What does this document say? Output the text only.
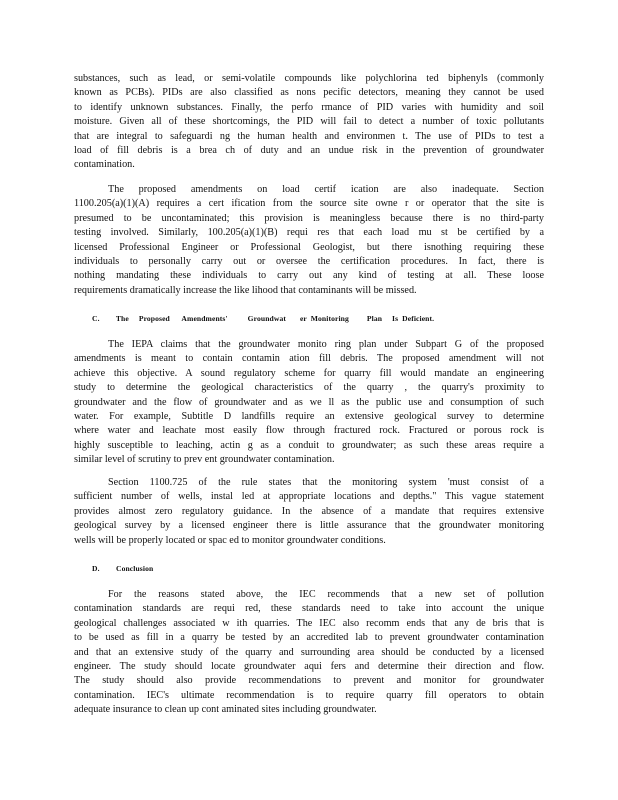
substances, such as lead, or semi-volatile compounds like polychlorina ted biphenyls (commonly
known as PCBs). PIDs are also classified as nons pecific detectors, meaning they cannot be used
to identify unknown substances. Finally, the perfo rmance of PID varies with humidity and soil
moisture. Given all of these shortcomings, the PID will fail to detect a number of toxic pollutants
that are integral to safeguardi ng the human health and environmen t. The use of PIDs to test a
load of fill debris is a brea ch of duty and an undue risk in the prevention of groundwater
contamination.
The proposed amendments on load certif ication are also inadequate. Section
1100.205(a)(1)(A) requires a cert ification from the source site owne r or operator that the site is
presumed to be uncontaminated; this provision is meaningless because there is no third-party
testing involved. Similarly, 100.205(a)(1)(B) requi res that each load mu st be certified by a
licensed Professional Engineer or Professional Geologist, but there isnothing requiring these
individuals to personally carry out or oversee the certification procedures. In fact, there is
nothing mandating these individuals to carry out any kind of testing at all. These loose
requirements dramatically increase the like lihood that contaminants will be missed.
C. The     Proposed      Amendments'          Groundwat       er  Monitoring         Plan     Is  Deficient.
The IEPA claims that the groundwater monito ring plan under Subpart G of the proposed
amendments is meant to contain contamin ation fill debris. The proposed amendment will not
achieve this objective. A sound regulatory scheme for quarry fill would mandate an engineering
study to determine the geological characteristics of the quarry , the quarry's proximity to
groundwater and the flow of groundwater and as we ll as the public use and consumption of such
water. For example, Subtitle D landfills require an extensive geological survey to determine
where water and leachate most easily flow through fractured rock. Fractured or porous rock is
highly susceptible to leaching, actin g as a conduit to groundwater; as such these areas require a
similar level of scrutiny to prev ent groundwater contamination.
Section 1100.725 of the rule states that the monitoring system 'must consist of a
sufficient number of wells, instal led at appropriate locations and depths." This vague statement
provides almost zero regulatory guidance. In the absence of a mandate that requires extensive
geological survey by a licensed engineer there is little assurance that the groundwater monitoring
wells will be properly located or spac ed to monitor groundwater conditions.
D. Conclusion
For the reasons stated above, the IEC recommends that a new set of pollution
contamination standards are requi red, these standards need to take into account the unique
geological challenges associated w ith quarries. The IEC also recomm ends that any de bris that is
to be used as fill in a quarry be tested by an accredited lab to prevent groundwater contamination
and that an extensive study of the quarry and surrounding area should be conducted by a licensed
engineer. The study should locate groundwater aqui fers and determine their direction and flow.
The study should also provide recommendations to prevent and monitor for groundwater
contamination. IEC's ultimate recommendation is to require quarry fill operators to obtain
adequate insurance to clean up cont aminated sites including groundwater.
